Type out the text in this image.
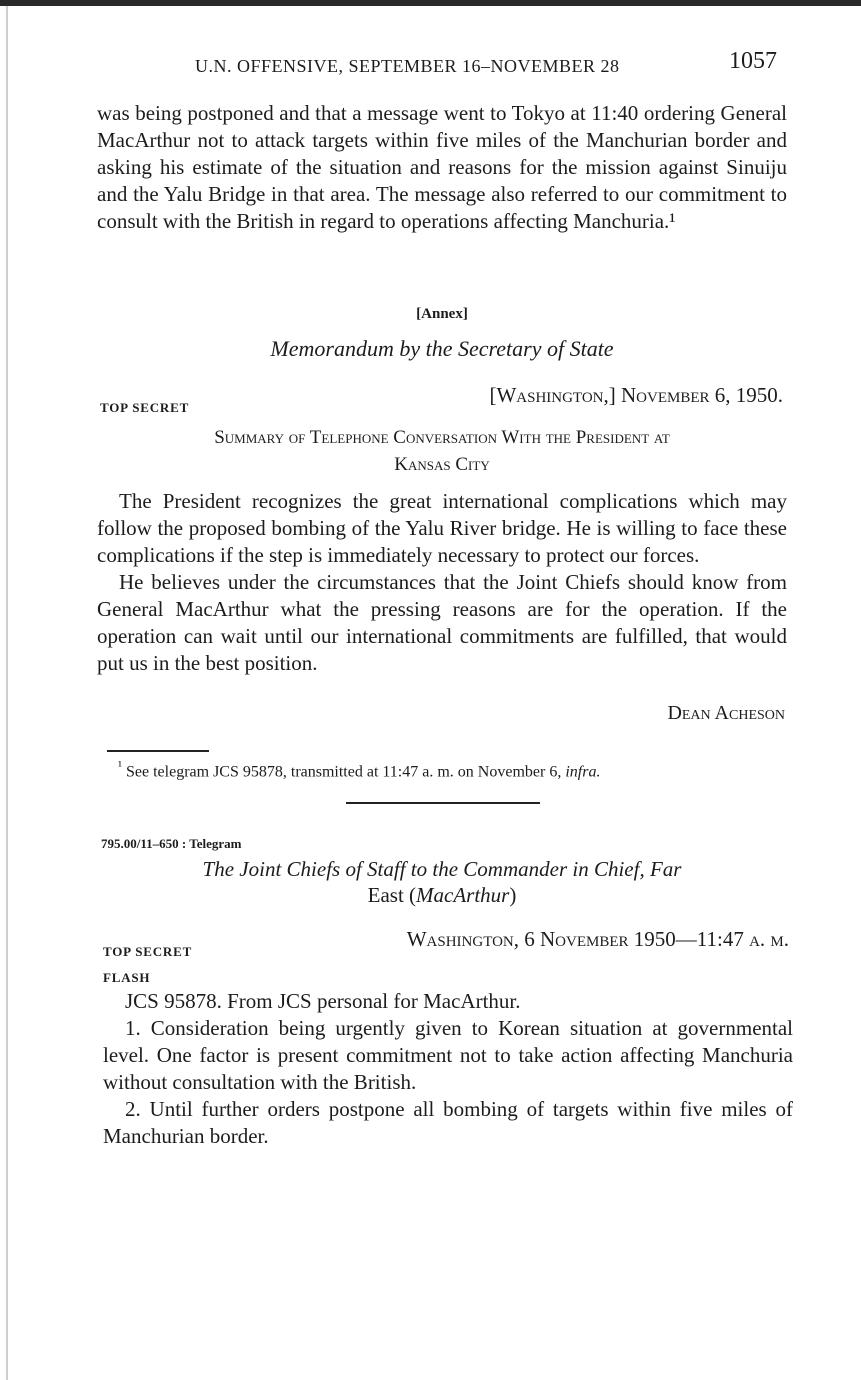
U.N. OFFENSIVE, SEPTEMBER 16–NOVEMBER 28	1057

was being postponed and that a message went to Tokyo at 11:40 ordering General MacArthur not to attack targets within five miles of the Manchurian border and asking his estimate of the situation and reasons for the mission against Sinuiju and the Yalu Bridge in that area. The message also referred to our commitment to consult with the British in regard to operations affecting Manchuria.¹

[Annex]
Memorandum by the Secretary of State
TOP SECRET
[Washington,] November 6, 1950.
Summary of Telephone Conversation With the President at
Kansas City

The President recognizes the great international complications which may follow the proposed bombing of the Yalu River bridge. He is willing to face these complications if the step is immediately necessary to protect our forces.

He believes under the circumstances that the Joint Chiefs should know from General MacArthur what the pressing reasons are for the operation. If the operation can wait until our international commitments are fulfilled, that would put us in the best position.

Dean Acheson
$^{^1}$ See telegram JCS 95878, transmitted at 11:47 a. m. on November 6, infra.
795.00/11–650 : Telegram
The Joint Chiefs of Staff to the Commander in Chief, Far
East (MacArthur)
TOP SECRET
FLASH
Washington, 6 November 1950—11:47 a. m.

JCS 95878. From JCS personal for MacArthur.

1. Consideration being urgently given to Korean situation at governmental level. One factor is present commitment not to take action affecting Manchuria without consultation with the British.

2. Until further orders postpone all bombing of targets within five miles of Manchurian border.
